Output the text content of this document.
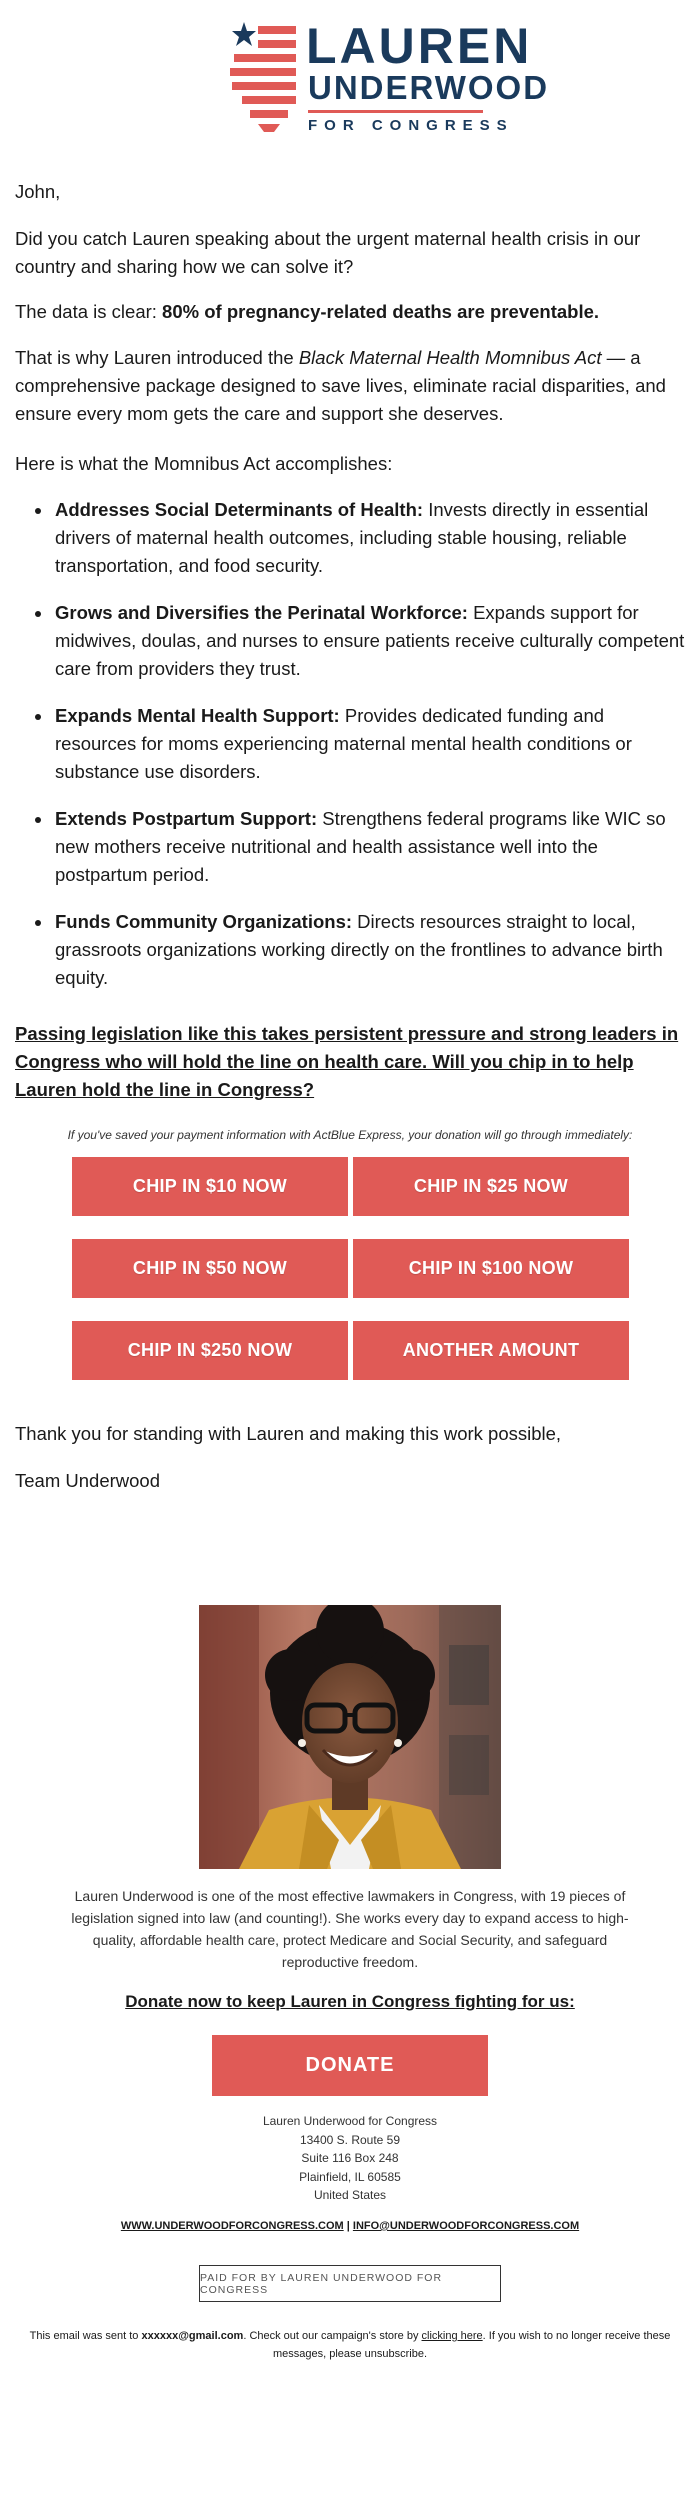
LAUREN
UNDERWOOD
FOR CONGRESS
John,
Did you catch Lauren speaking about the urgent maternal health crisis in our country and sharing how we can solve it?
The data is clear: 80% of pregnancy-related deaths are preventable.
That is why Lauren introduced the Black Maternal Health Momnibus Act — a comprehensive package designed to save lives, eliminate racial disparities, and ensure every mom gets the care and support she deserves.
Here is what the Momnibus Act accomplishes:
Addresses Social Determinants of Health: Invests directly in essential drivers of maternal health outcomes, including stable housing, reliable transportation, and food security.
Grows and Diversifies the Perinatal Workforce: Expands support for midwives, doulas, and nurses to ensure patients receive culturally competent care from providers they trust.
Expands Mental Health Support: Provides dedicated funding and resources for moms experiencing maternal mental health conditions or substance use disorders.
Extends Postpartum Support: Strengthens federal programs like WIC so new mothers receive nutritional and health assistance well into the postpartum period.
Funds Community Organizations: Directs resources straight to local, grassroots organizations working directly on the frontlines to advance birth equity.
Passing legislation like this takes persistent pressure and strong leaders in Congress who will hold the line on health care. Will you chip in to help Lauren hold the line in Congress?
If you've saved your payment information with ActBlue Express, your donation will go through immediately:
CHIP IN $10 NOW	CHIP IN $25 NOW
CHIP IN $50 NOW	CHIP IN $100 NOW
CHIP IN $250 NOW	ANOTHER AMOUNT
Thank you for standing with Lauren and making this work possible,
Team Underwood
Lauren Underwood is one of the most effective lawmakers in Congress, with 19 pieces of legislation signed into law (and counting!). She works every day to expand access to high-quality, affordable health care, protect Medicare and Social Security, and safeguard reproductive freedom.
Donate now to keep Lauren in Congress fighting for us:
DONATE
Lauren Underwood for Congress
13400 S. Route 59
Suite 116 Box 248
Plainfield, IL 60585
United States
WWW.UNDERWOODFORCONGRESS.COM | INFO@UNDERWOODFORCONGRESS.COM
PAID FOR BY LAUREN UNDERWOOD FOR CONGRESS
This email was sent to xxxxxx@gmail.com. Check out our campaign's store by clicking here. If you wish to no longer receive these messages, please unsubscribe.
